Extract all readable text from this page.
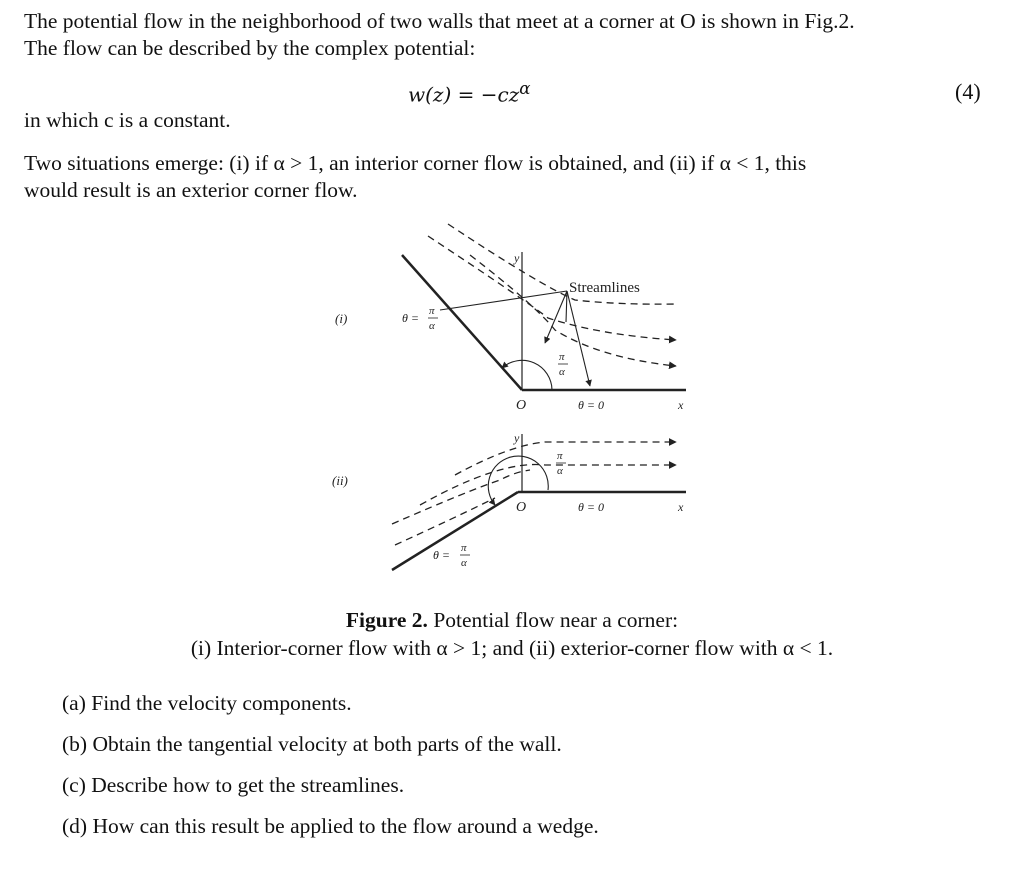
The potential flow in the neighborhood of two walls that meet at a corner at O is shown in Fig.2.
The flow can be described by the complex potential:
$w(z) = -cz^\alpha$	(4)
in which c is a constant.
Two situations emerge: (i) if α > 1, an interior corner flow is obtained, and (ii) if α < 1, this
would result is an exterior corner flow.
(i)
(ii)
Streamlines
y
O	x
θ = 0
θ = π
α
π
α
y
O	x
θ = 0
π
α
θ = π
α
Figure 2. Potential flow near a corner:
(i) Interior-corner flow with α > 1; and (ii) exterior-corner flow with α < 1.
(a) Find the velocity components.
(b) Obtain the tangential velocity at both parts of the wall.
(c) Describe how to get the streamlines.
(d) How can this result be applied to the flow around a wedge.
